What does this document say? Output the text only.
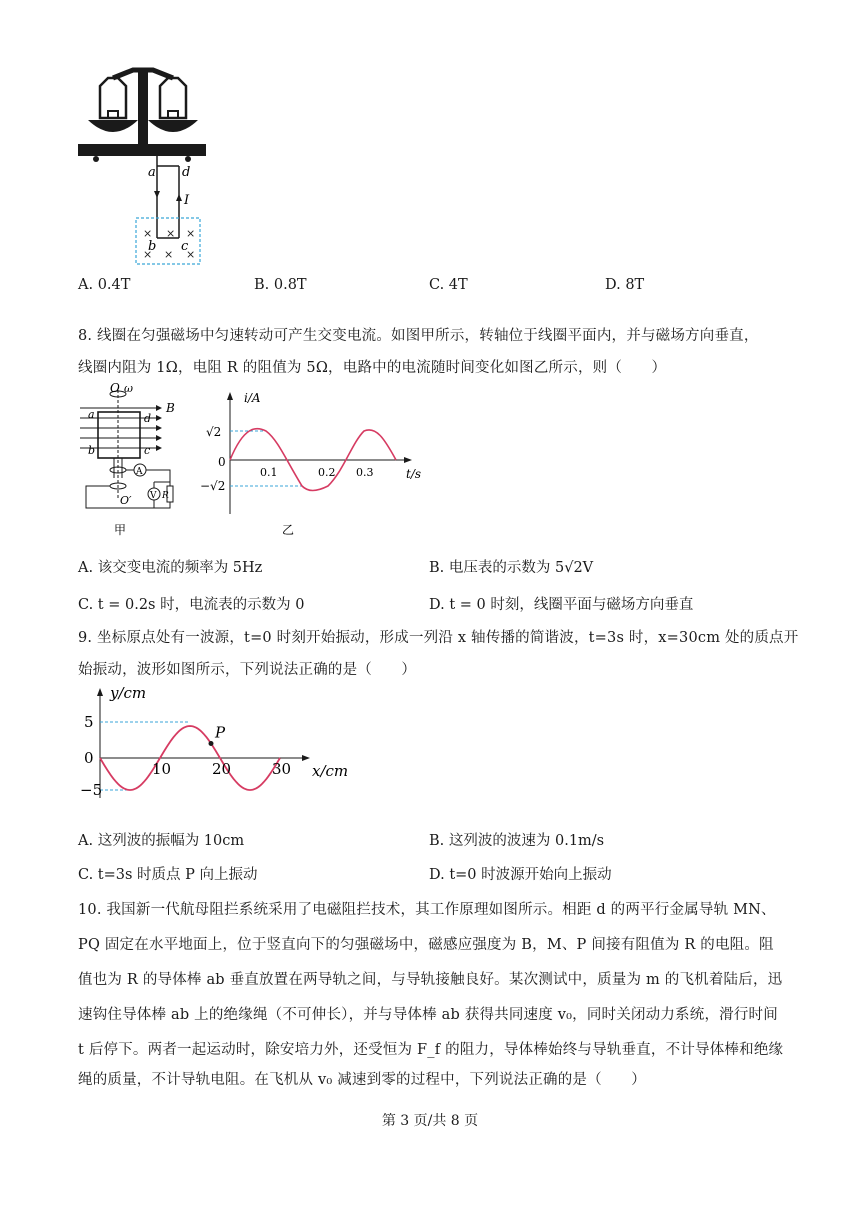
× × ×
× × ×
a d
I
b c
A. 0.4T	B. 0.8T	C. 4T	D. 8T
8. 线圈在匀强磁场中匀速转动可产生交变电流。如图甲所示，转轴位于线圈平面内，并与磁场方向垂直，
线圈内阻为 1Ω，电阻 R 的阻值为 5Ω，电路中的电流随时间变化如图乙所示，则（　　）
O ω
B
a	d
b	c
A
V R
O′
甲
i/A
√2
0
−√2
0.1	0.2 0.3	t/s
乙
A. 该交变电流的频率为 5Hz	B. 电压表的示数为 5√2V
C. t = 0.2s 时，电流表的示数为 0	D. t = 0 时刻，线圈平面与磁场方向垂直
9. 坐标原点处有一波源，t=0 时刻开始振动，形成一列沿 x 轴传播的简谐波，t=3s 时，x=30cm 处的质点开
始振动，波形如图所示，下列说法正确的是（　　）
P
y/cm
x/cm
5
0
−5
10	20	30
A. 这列波的振幅为 10cm	B. 这列波的波速为 0.1m/s
C. t=3s 时质点 P 向上振动	D. t=0 时波源开始向上振动
10. 我国新一代航母阻拦系统采用了电磁阻拦技术，其工作原理如图所示。相距 d 的两平行金属导轨 MN、
PQ 固定在水平地面上，位于竖直向下的匀强磁场中，磁感应强度为 B，M、P 间接有阻值为 R 的电阻。阻
值也为 R 的导体棒 ab 垂直放置在两导轨之间，与导轨接触良好。某次测试中，质量为 m 的飞机着陆后，迅
速钩住导体棒 ab 上的绝缘绳（不可伸长），并与导体棒 ab 获得共同速度 v₀，同时关闭动力系统，滑行时间
t 后停下。两者一起运动时，除安培力外，还受恒为 F_f 的阻力，导体棒始终与导轨垂直，不计导体棒和绝缘
绳的质量，不计导轨电阻。在飞机从 v₀ 减速到零的过程中，下列说法正确的是（　　）
第 3 页/共 8 页
